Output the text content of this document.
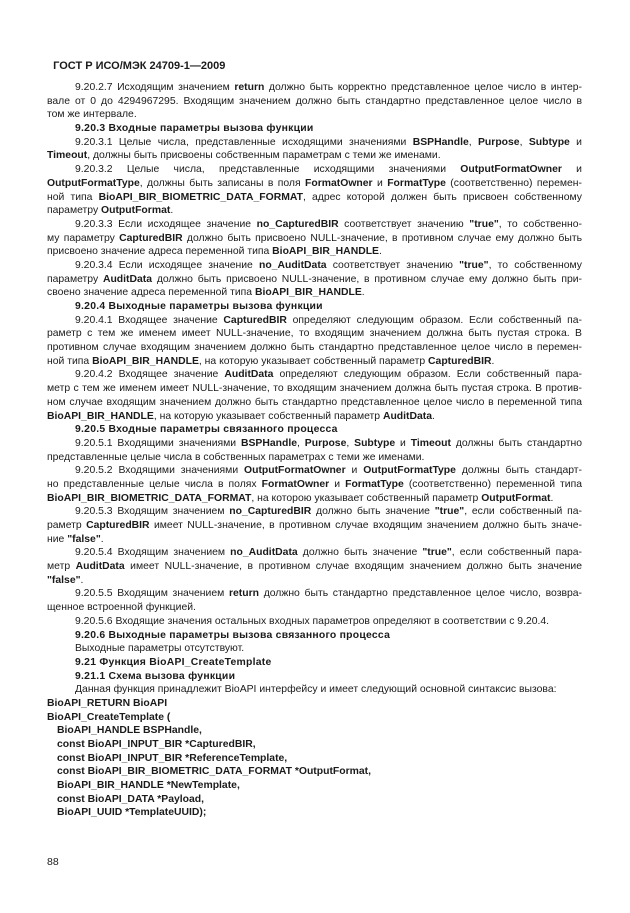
ГОСТ Р ИСО/МЭК 24709-1—2009

9.20.2.7 Исходящим значением return должно быть корректно представленное целое число в интер-
вале от 0 до 4294967295. Входящим значением должно быть стандартно представленное целое число в
том же интервале.
9.20.3 Входные параметры вызова функции
9.20.3.1 Целые числа, представленные исходящими значениями BSPHandle, Purpose, Subtype и
Timeout, должны быть присвоены собственным параметрам с теми же именами.
9.20.3.2 Целые числа, представленные исходящими значениями OutputFormatOwner и
OutputFormatType, должны быть записаны в поля FormatOwner и FormatType (соответственно) перемен-
ной типа BioAPI_BIR_BIOMETRIC_DATA_FORMAT, адрес которой должен быть присвоен собственному
параметру OutputFormat.
9.20.3.3 Если исходящее значение no_CapturedBIR соответствует значению "true", то собственно-
му параметру CapturedBIR должно быть присвоено NULL-значение, в противном случае ему должно быть
присвоено значение адреса переменной типа BioAPI_BIR_HANDLE.
9.20.3.4 Если исходящее значение no_AuditData соответствует значению "true", то собственному
параметру AuditData должно быть присвоено NULL-значение, в противном случае ему должно быть при-
своено значение адреса переменной типа BioAPI_BIR_HANDLE.
9.20.4 Выходные параметры вызова функции
9.20.4.1 Входящее значение CapturedBIR определяют следующим образом. Если собственный па-
раметр с тем же именем имеет NULL-значение, то входящим значением должна быть пустая строка. В
противном случае входящим значением должно быть стандартно представленное целое число в перемен-
ной типа BioAPI_BIR_HANDLE, на которую указывает собственный параметр CapturedBIR.
9.20.4.2 Входящее значение AuditData определяют следующим образом. Если собственный пара-
метр с тем же именем имеет NULL-значение, то входящим значением должна быть пустая строка. В против-
ном случае входящим значением должно быть стандартно представленное целое число в переменной типа
BioAPI_BIR_HANDLE, на которую указывает собственный параметр AuditData.
9.20.5 Входные параметры связанного процесса
9.20.5.1 Входящими значениями BSPHandle, Purpose, Subtype и Timeout должны быть стандартно
представленные целые числа в собственных параметрах с теми же именами.
9.20.5.2 Входящими значениями OutputFormatOwner и OutputFormatType должны быть стандарт-
но представленные целые числа в полях FormatOwner и FormatType (соответственно) переменной типа
BioAPI_BIR_BIOMETRIC_DATA_FORMAT, на которою указывает собственный параметр OutputFormat.
9.20.5.3 Входящим значением no_CapturedBIR должно быть значение "true", если собственный па-
раметр CapturedBIR имеет NULL-значение, в противном случае входящим значением должно быть значе-
ние "false".
9.20.5.4 Входящим значением no_AuditData должно быть значение "true", если собственный пара-
метр AuditData имеет NULL-значение, в противном случае входящим значением должно быть значение
"false".
9.20.5.5 Входящим значением return должно быть стандартно представленное целое число, возвра-
щенное встроенной функцией.
9.20.5.6 Входящие значения остальных входных параметров определяют в соответствии с 9.20.4.
9.20.6 Выходные параметры вызова связанного процесса
Выходные параметры отсутствуют.
9.21 Функция BioAPI_CreateTemplate
9.21.1 Схема вызова функции
Данная функция принадлежит BioAPI интерфейсу и имеет следующий основной синтаксис вызова:
BioAPI_RETURN BioAPI
BioAPI_CreateTemplate (
BioAPI_HANDLE BSPHandle,
const BioAPI_INPUT_BIR *CapturedBIR,
const BioAPI_INPUT_BIR *ReferenceTemplate,
const BioAPI_BIR_BIOMETRIC_DATA_FORMAT *OutputFormat,
BioAPI_BIR_HANDLE *NewTemplate,
const BioAPI_DATA *Payload,
BioAPI_UUID *TemplateUUID);
88
